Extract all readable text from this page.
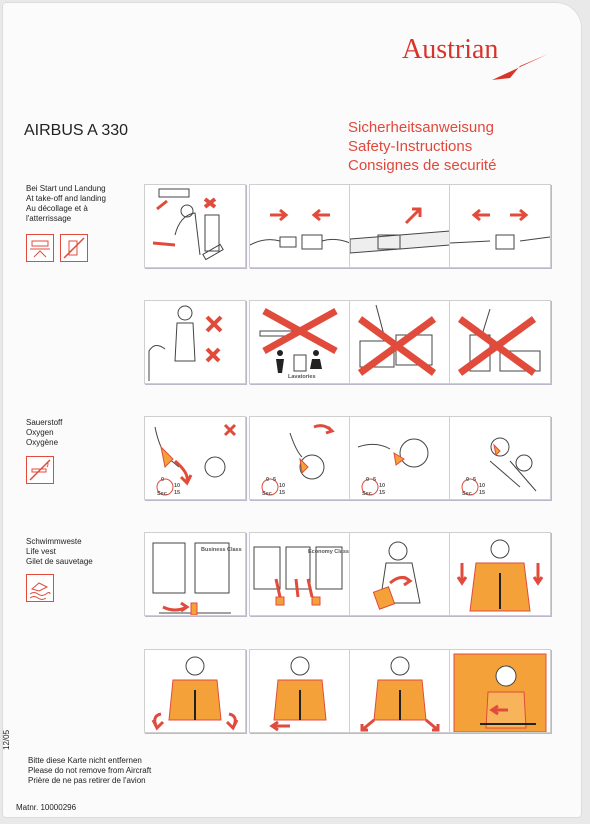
Austrian
AIRBUS A 330	Sicherheitsanweisung
Safety-Instructions
Consignes de securité
Bei Start und Landung
At take-off and landing
Au décollage et à
l'atterrissage
Sauerstoff
Oxygen
Oxygène
Schwimmweste
Life vest
Gilet de sauvetage
Lavatories
Sec
0
10
15	Sec
0 5
10
15	Sec
0 5
10
15	Sec
0 5
10
15
Business Class	Economy Class
12/05
Bitte diese Karte nicht entfernen
Please do not remove from Aircraft
Prière de ne pas retirer de l'avion
Matnr. 10000296
